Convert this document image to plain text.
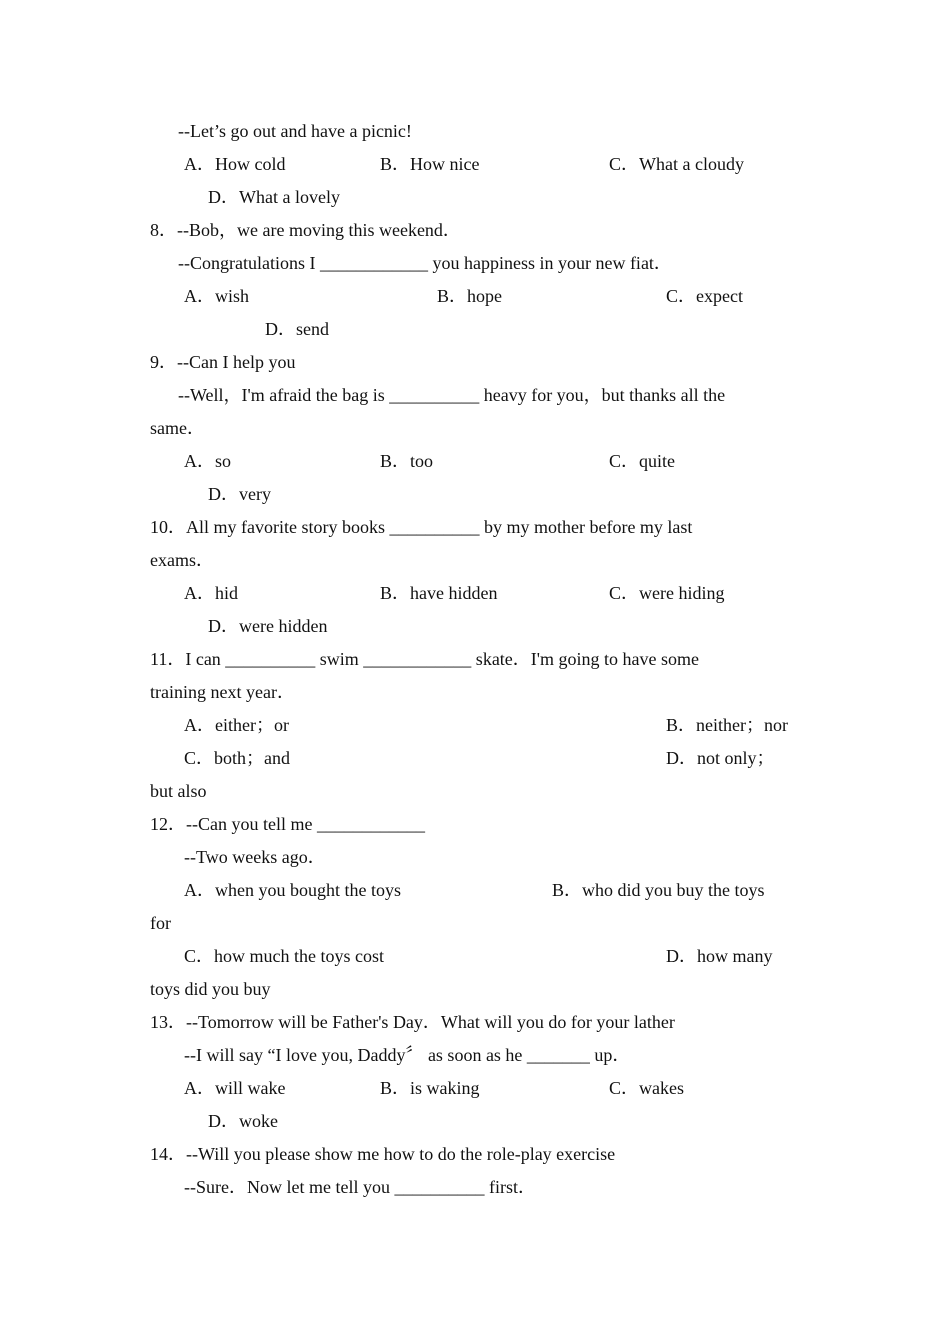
--Let’s go out and have a picnic!
A．How cold	B．How nice	C．What a cloudy
D．What a lovely
8．--Bob，we are moving this weekend．
--Congratulations I ____________ you happiness in your new fiat．
A．wish	B．hope	C．expect
D．send
9．--Can I help you
--Well，I'm afraid the bag is __________ heavy for you，but thanks all the
same．
A．so	B．too	C．quite
D．very
10．All my favorite story books __________ by my mother before my last
exams．
A．hid	B．have hidden	C．were hiding
D．were hidden
11．I can __________ swim ____________ skate．I'm going to have some
training next year．
A．either；or	B．neither；nor
C．both；and	D．not only；
but also
12．--Can you tell me ____________
--Two weeks ago．
A．when you bought the toys	B．who did you buy the toys
for
C．how much the toys cost	D．how many
toys did you buy
13．--Tomorrow will be Father's Day．What will you do for your lather
--I will say “I love you, Daddy〞 as soon as he _______ up．
A．will wake	B．is waking	C．wakes
D．woke
14．--Will you please show me how to do the role-play exercise
--Sure．Now let me tell you __________ first．
